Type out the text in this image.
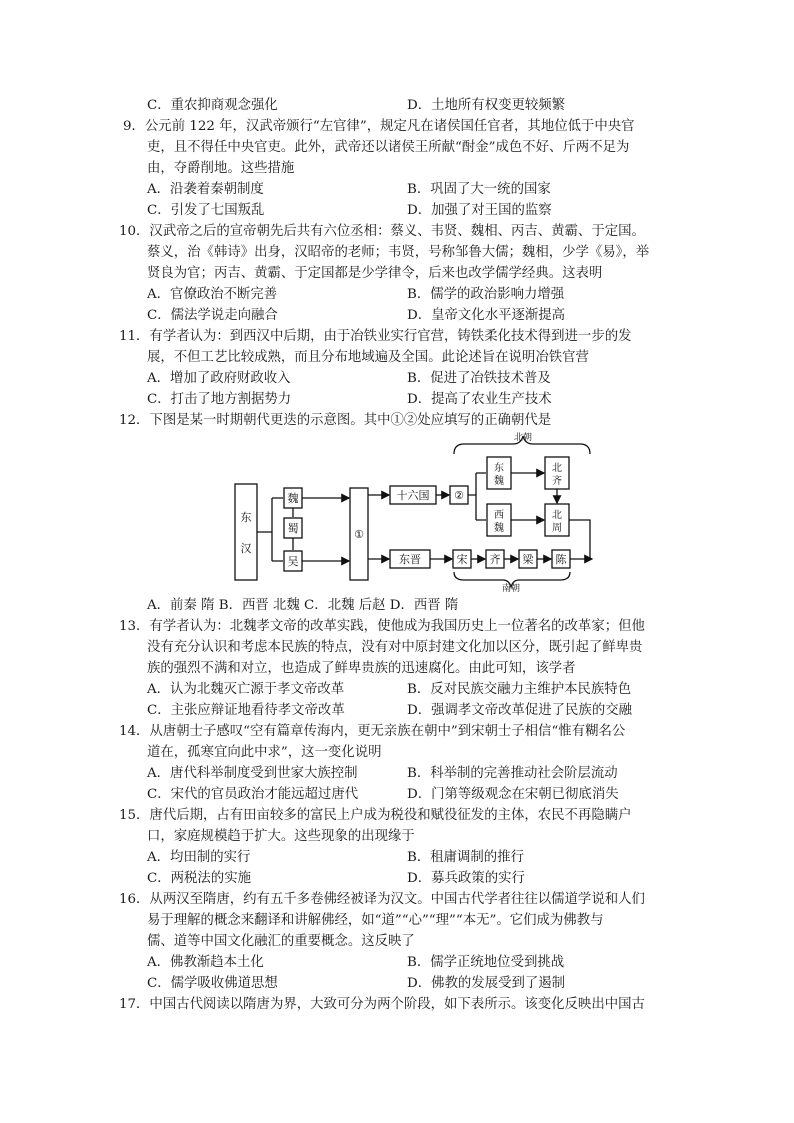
C．重农抑商观念强化	D．土地所有权变更较频繁
9．公元前 122 年，汉武帝颁行“左官律”，规定凡在诸侯国任官者，其地位低于中央官
吏，且不得任中央官吏。此外，武帝还以诸侯王所献“酎金”成色不好、斤两不足为
由，夺爵削地。这些措施
A．沿袭着秦朝制度	B．巩固了大一统的国家
C．引发了七国叛乱	D．加强了对王国的监察
10．汉武帝之后的宣帝朝先后共有六位丞相：蔡义、韦贤、魏相、丙吉、黄霸、于定国。
蔡义，治《韩诗》出身，汉昭帝的老师；韦贤，号称邹鲁大儒；魏相，少学《易》，举
贤良为官；丙吉、黄霸、于定国都是少学律令，后来也改学儒学经典。这表明
A．官僚政治不断完善	B．儒学的政治影响力增强
C．儒法学说走向融合	D．皇帝文化水平逐渐提高
11．有学者认为：到西汉中后期，由于冶铁业实行官营，铸铁柔化技术得到进一步的发
展，不但工艺比较成熟，而且分布地域遍及全国。此论述旨在说明冶铁官营
A．增加了政府财政收入	B．促进了冶铁技术普及
C．打击了地方割据势力	D．提高了农业生产技术
12．下图是某一时期朝代更迭的示意图。其中①②处应填写的正确朝代是
东
汉
魏
蜀
吴
①
十六国 ②
北朝
东
魏
西
魏
北
齐
北
周
东晋	宋 齐 梁 陈
南朝
A．前秦 隋 B．西晋 北魏 C．北魏 后赵 D．西晋 隋
13．有学者认为：北魏孝文帝的改革实践，使他成为我国历史上一位著名的改革家；但他
没有充分认识和考虑本民族的特点，没有对中原封建文化加以区分，既引起了鲜卑贵
族的强烈不满和对立，也造成了鲜卑贵族的迅速腐化。由此可知，该学者
A．认为北魏灭亡源于孝文帝改革	B．反对民族交融力主维护本民族特色
C．主张应辩证地看待孝文帝改革	D．强调孝文帝改革促进了民族的交融
14．从唐朝士子感叹“空有篇章传海内，更无亲族在朝中”到宋朝士子相信“惟有糊名公
道在，孤寒宜向此中求”，这一变化说明
A．唐代科举制度受到世家大族控制	B．科举制的完善推动社会阶层流动
C．宋代的官员政治才能远超过唐代	D．门第等级观念在宋朝已彻底消失
15．唐代后期，占有田亩较多的富民上户成为税役和赋役征发的主体，农民不再隐瞒户
口，家庭规模趋于扩大。这些现象的出现缘于
A．均田制的实行	B．租庸调制的推行
C．两税法的实施	D．募兵政策的实行
16．从两汉至隋唐，约有五千多卷佛经被译为汉文。中国古代学者往往以儒道学说和人们
易于理解的概念来翻译和讲解佛经，如“道”“心”“理”“本无”。它们成为佛教与
儒、道等中国文化融汇的重要概念。这反映了
A．佛教渐趋本土化	B．儒学正统地位受到挑战
C．儒学吸收佛道思想	D．佛教的发展受到了遏制
17．中国古代阅读以隋唐为界，大致可分为两个阶段，如下表所示。该变化反映出中国古
